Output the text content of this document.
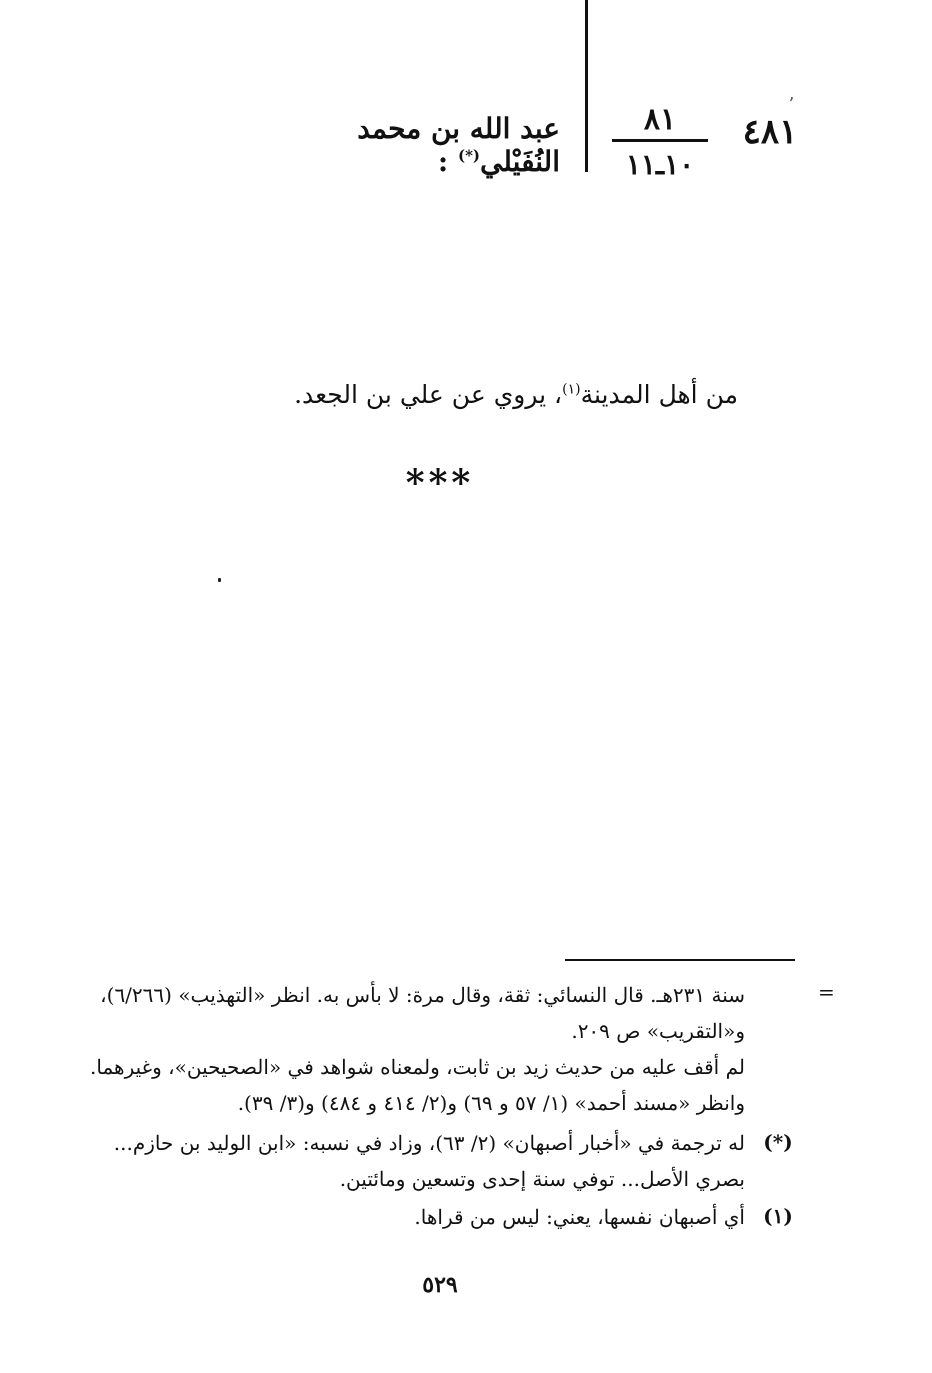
ʼ
٤٨١
٨١
١٠ـ١١
عبد الله بن محمد النُفَيْلي(*) :
من أهل المدينة$^{(١)}$، يروي عن علي بن الجعد.
***
=
سنة ٢٣١هـ. قال النسائي: ثقة، وقال مرة: لا بأس به. انظر «التهذيب» (٦/٢٦٦)،
و«التقريب» ص ٢٠٩.
لم أقف عليه من حديث زيد بن ثابت، ولمعناه شواهد في «الصحيحين»، وغيرهما.
وانظر «مسند أحمد» (١/ ٥٧ و ٦٩) و(٢/ ٤١٤ و ٤٨٤) و(٣/ ٣٩).
(*)
له ترجمة في «أخبار أصبهان» (٢/ ٦٣)، وزاد في نسبه: «ابن الوليد بن حازم...
بصري الأصل... توفي سنة إحدى وتسعين ومائتين.
(١)
أي أصبهان نفسها، يعني: ليس من قراها.
٥٢٩
